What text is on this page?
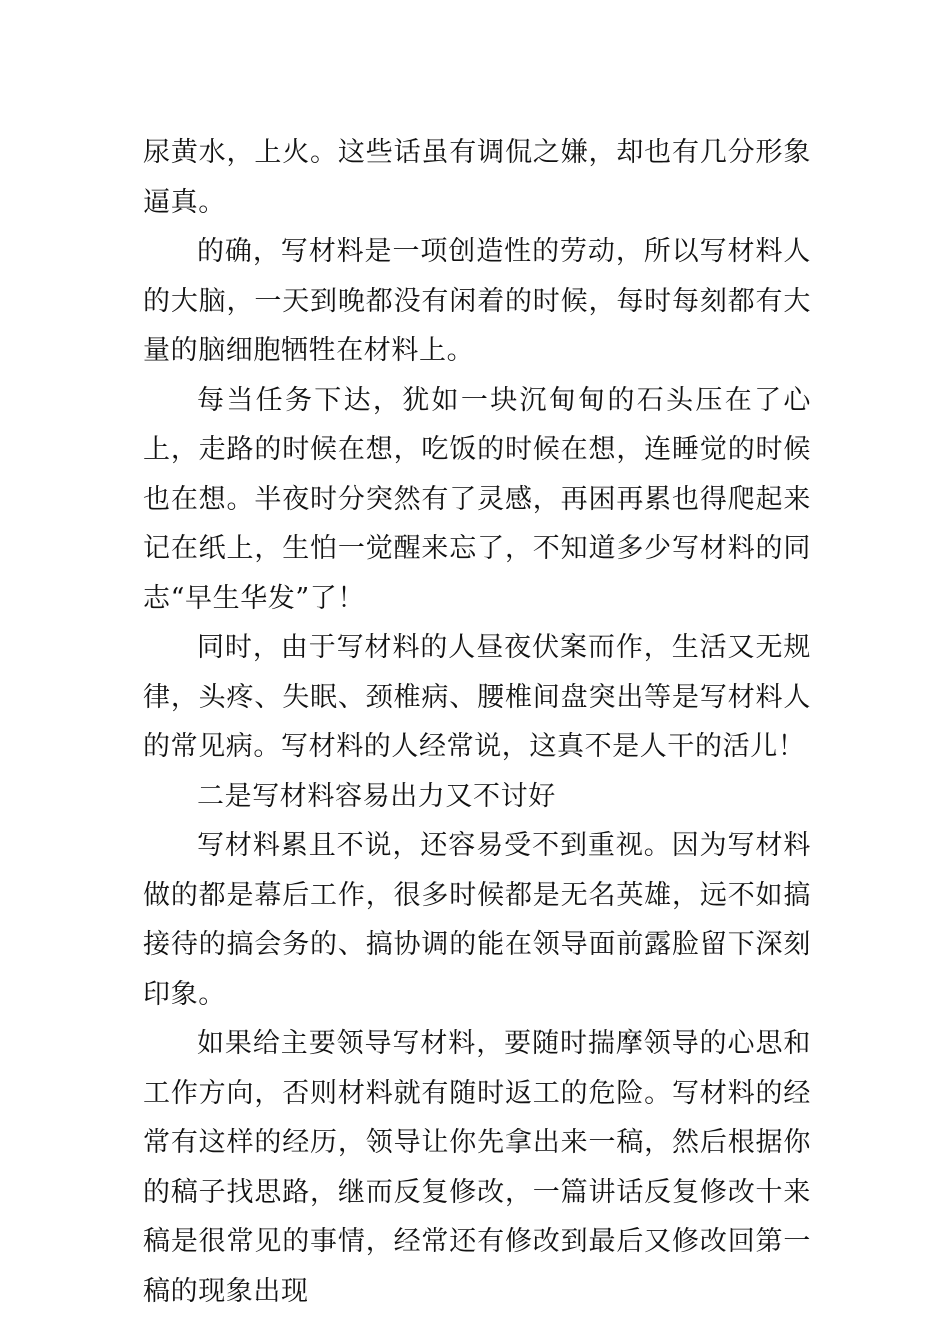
尿黄水，上火。这些话虽有调侃之嫌，却也有几分形象逼真。

的确，写材料是一项创造性的劳动，所以写材料人的大脑，一天到晚都没有闲着的时候，每时每刻都有大量的脑细胞牺牲在材料上。

每当任务下达，犹如一块沉甸甸的石头压在了心上，走路的时候在想，吃饭的时候在想，连睡觉的时候也在想。半夜时分突然有了灵感，再困再累也得爬起来记在纸上，生怕一觉醒来忘了，不知道多少写材料的同志“早生华发”了！

同时，由于写材料的人昼夜伏案而作，生活又无规律，头疼、失眠、颈椎病、腰椎间盘突出等是写材料人的常见病。写材料的人经常说，这真不是人干的活儿！

二是写材料容易出力又不讨好

写材料累且不说，还容易受不到重视。因为写材料做的都是幕后工作，很多时候都是无名英雄，远不如搞接待的搞会务的、搞协调的能在领导面前露脸留下深刻印象。

如果给主要领导写材料，要随时揣摩领导的心思和工作方向，否则材料就有随时返工的危险。写材料的经常有这样的经历，领导让你先拿出来一稿，然后根据你的稿子找思路，继而反复修改，一篇讲话反复修改十来稿是很常见的事情，经常还有修改到最后又修改回第一稿的现象出现
